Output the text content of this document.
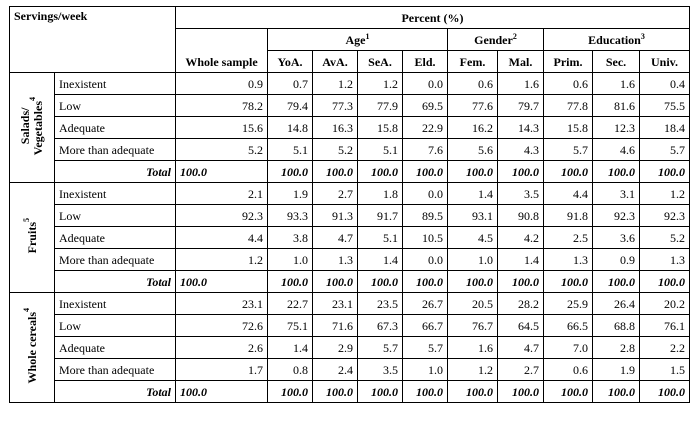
Servings/week		Percent (%)									
		Whole sample	Age$^1$				Gender$^2$		Education$^3$
			YoA.	AvA.	SeA.	Eld.	Fem.	Mal.	Prim.	Sec.	Univ.
Salads/
Vegetables$^4$	Inexistent	0.9	0.7	1.2	1.2	0.0	0.6	1.6	0.6	1.6	0.4
	Low	78.2	79.4	77.3	77.9	69.5	77.6	79.7	77.8	81.6	75.5
	Adequate	15.6	14.8	16.3	15.8	22.9	16.2	14.3	15.8	12.3	18.4
	More than adequate	5.2	5.1	5.2	5.1	7.6	5.6	4.3	5.7	4.6	5.7
	Total	100.0	100.0	100.0	100.0	100.0	100.0	100.0	100.0	100.0	100.0
Fruits$^5$	Inexistent	2.1	1.9	2.7	1.8	0.0	1.4	3.5	4.4	3.1	1.2
	Low	92.3	93.3	91.3	91.7	89.5	93.1	90.8	91.8	92.3	92.3
	Adequate	4.4	3.8	4.7	5.1	10.5	4.5	4.2	2.5	3.6	5.2
	More than adequate	1.2	1.0	1.3	1.4	0.0	1.0	1.4	1.3	0.9	1.3
	Total	100.0	100.0	100.0	100.0	100.0	100.0	100.0	100.0	100.0	100.0
Whole cereals$^4$	Inexistent	23.1	22.7	23.1	23.5	26.7	20.5	28.2	25.9	26.4	20.2
	Low	72.6	75.1	71.6	67.3	66.7	76.7	64.5	66.5	68.8	76.1
	Adequate	2.6	1.4	2.9	5.7	5.7	1.6	4.7	7.0	2.8	2.2
	More than adequate	1.7	0.8	2.4	3.5	1.0	1.2	2.7	0.6	1.9	1.5
	Total	100.0	100.0	100.0	100.0	100.0	100.0	100.0	100.0	100.0	100.0
